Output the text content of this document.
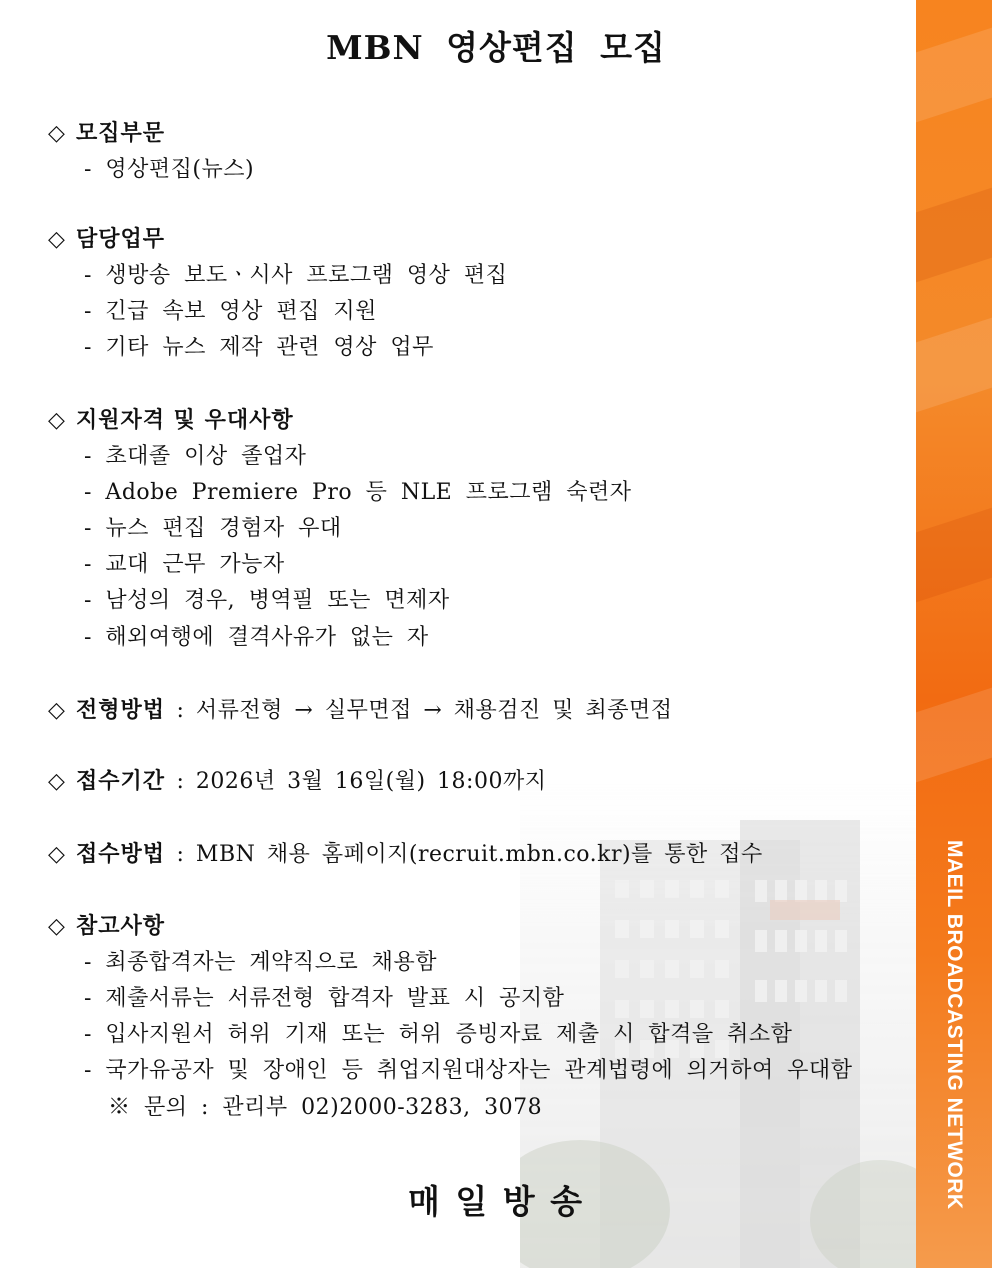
MAEIL BROADCASTING NETWORK
MBN 영상편집 모집
◇ 모집부문
- 영상편집(뉴스)
◇ 담당업무
- 생방송 보도ㆍ시사 프로그램 영상 편집
- 긴급 속보 영상 편집 지원
- 기타 뉴스 제작 관련 영상 업무
◇ 지원자격 및 우대사항
- 초대졸 이상 졸업자
- Adobe Premiere Pro 등 NLE 프로그램 숙련자
- 뉴스 편집 경험자 우대
- 교대 근무 가능자
- 남성의 경우, 병역필 또는 면제자
- 해외여행에 결격사유가 없는 자
◇ 전형방법 : 서류전형 → 실무면접 → 채용검진 및 최종면접
◇ 접수기간 : 2026년 3월 16일(월) 18:00까지
◇ 접수방법 : MBN 채용 홈페이지(recruit.mbn.co.kr)를 통한 접수
◇ 참고사항
- 최종합격자는 계약직으로 채용함
- 제출서류는 서류전형 합격자 발표 시 공지함
- 입사지원서 허위 기재 또는 허위 증빙자료 제출 시 합격을 취소함
- 국가유공자 및 장애인 등 취업지원대상자는 관계법령에 의거하여 우대함
※ 문의 : 관리부 02)2000-3283, 3078
매 일 방 송
